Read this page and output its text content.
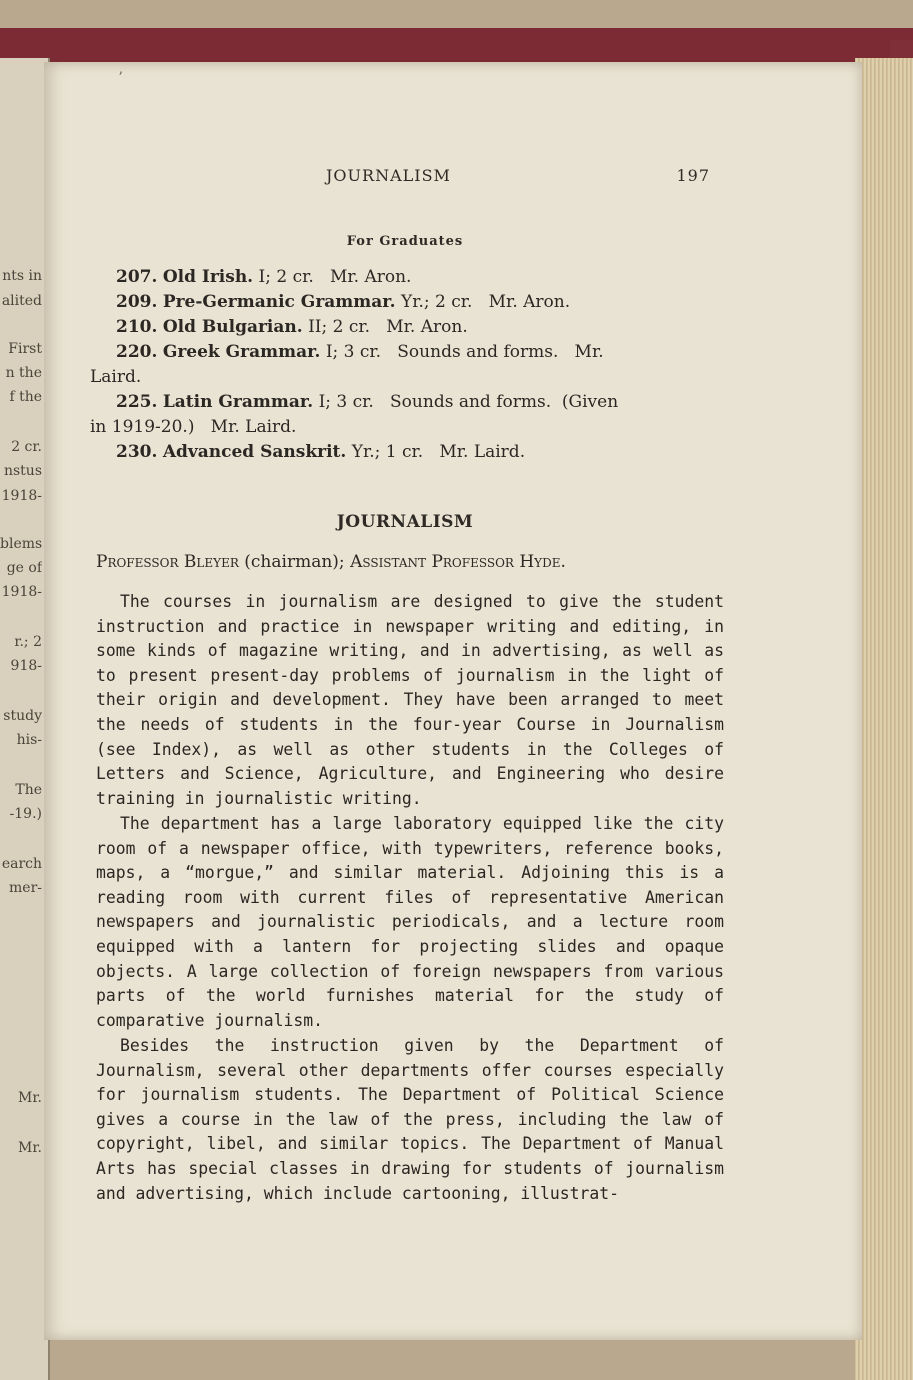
nts in
alited
First
n the
f the
2 cr.
nstus
1918-
blems
ge of
1918-
r.; 2
918-
study
his-
The
-19.)
earch
mer-
Mr.
Mr.
ʼ
JOURNALISM	197
For Graduates
207. Old Irish. I; 2 cr.   Mr. Aron.
209. Pre-Germanic Grammar. Yr.; 2 cr.   Mr. Aron.
210. Old Bulgarian. II; 2 cr.   Mr. Aron.
220. Greek Grammar. I; 3 cr.   Sounds and forms.   Mr.
Laird.
225. Latin Grammar. I; 3 cr.   Sounds and forms.  (Given
in 1919-20.)   Mr. Laird.
230. Advanced Sanskrit. Yr.; 1 cr.   Mr. Laird.
JOURNALISM
Professor Bleyer (chairman); Assistant Professor Hyde.
The courses in journalism are designed to give the student instruction and practice in newspaper writing and editing, in some kinds of magazine writing, and in advertising, as well as to present present-day problems of journalism in the light of their origin and development. They have been arranged to meet the needs of students in the four-year Course in Journalism (see Index), as well as other students in the Colleges of Letters and Science, Agriculture, and Engineering who desire training in journalistic writing.
The department has a large laboratory equipped like the city room of a newspaper office, with typewriters, reference books, maps, a “morgue,” and similar material. Adjoining this is a reading room with current files of representative American newspapers and journalistic periodicals, and a lecture room equipped with a lantern for projecting slides and opaque objects. A large collection of foreign newspapers from various parts of the world furnishes material for the study of comparative journalism.
Besides the instruction given by the Department of Journalism, several other departments offer courses especially for journalism students. The Department of Political Science gives a course in the law of the press, including the law of copyright, libel, and similar topics. The Department of Manual Arts has special classes in drawing for students of journalism and advertising, which include cartooning, illustrat-
